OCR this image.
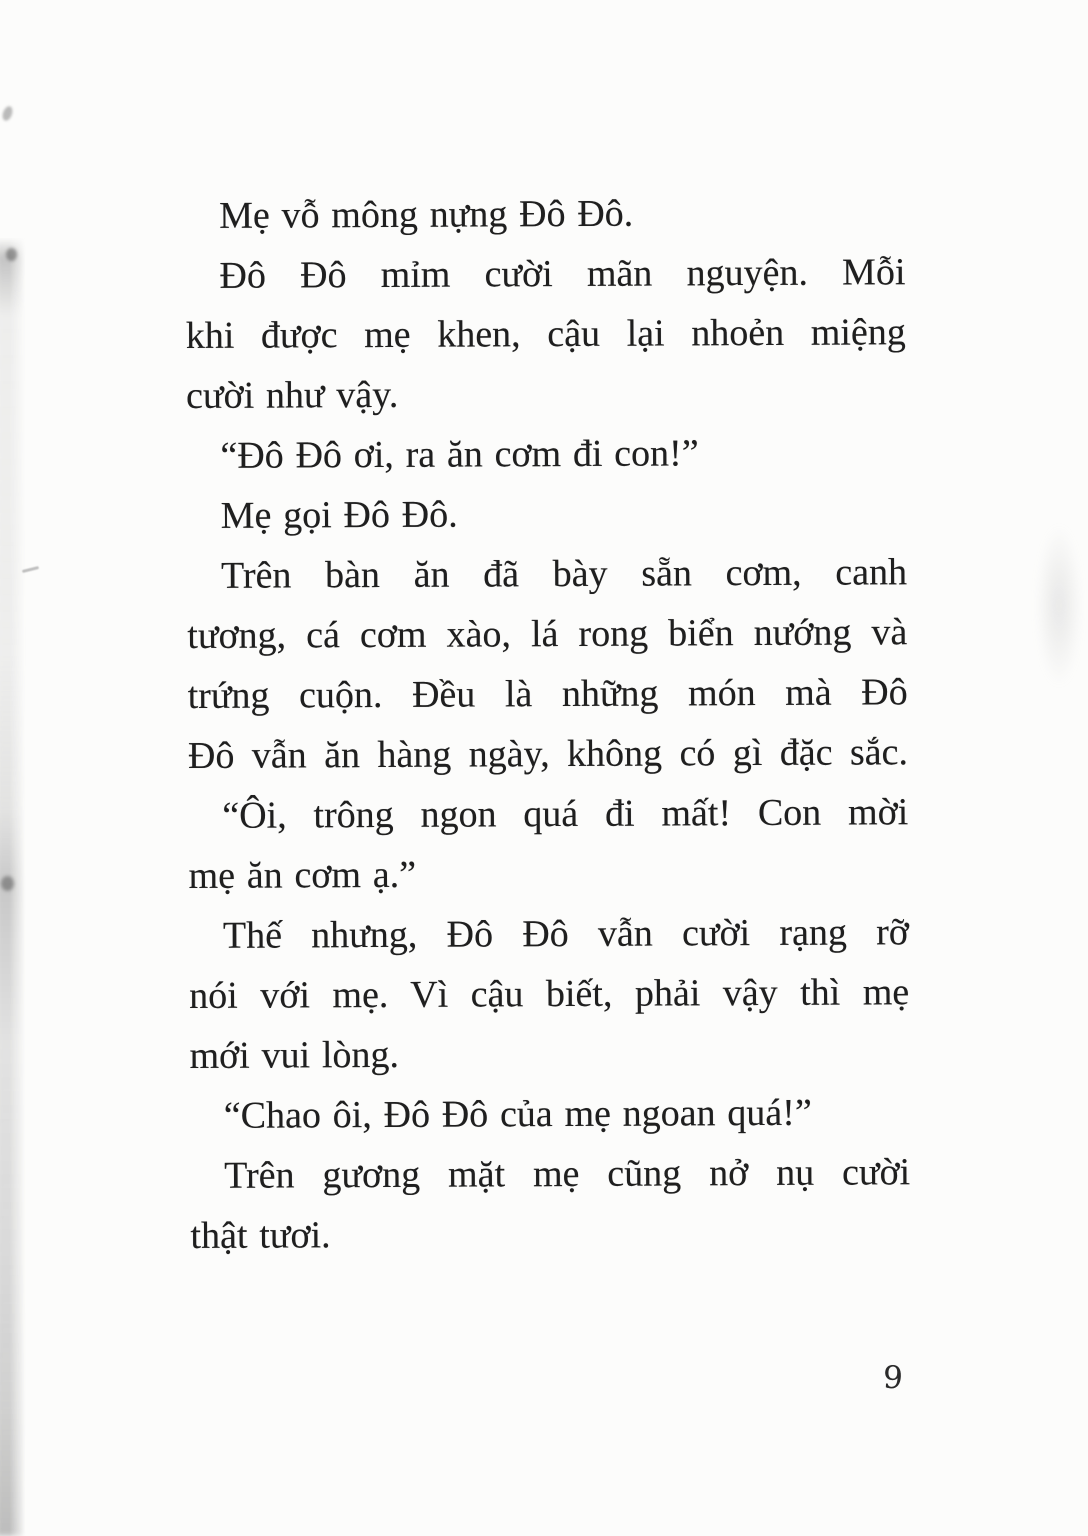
Mẹ vỗ mông nựng Đô Đô.
Đô Đô mỉm cười mãn nguyện. Mỗi
khi được mẹ khen, cậu lại nhoẻn miệng
cười như vậy.
“Đô Đô ơi, ra ăn cơm đi con!”
Mẹ gọi Đô Đô.
Trên bàn ăn đã bày sẵn cơm, canh
tương, cá cơm xào, lá rong biển nướng và
trứng cuộn. Đều là những món mà Đô
Đô vẫn ăn hàng ngày, không có gì đặc sắc.
“Ôi, trông ngon quá đi mất! Con mời
mẹ ăn cơm ạ.”
Thế nhưng, Đô Đô vẫn cười rạng rỡ
nói với mẹ. Vì cậu biết, phải vậy thì mẹ
mới vui lòng.
“Chao ôi, Đô Đô của mẹ ngoan quá!”
Trên gương mặt mẹ cũng nở nụ cười
thật tươi.
9
